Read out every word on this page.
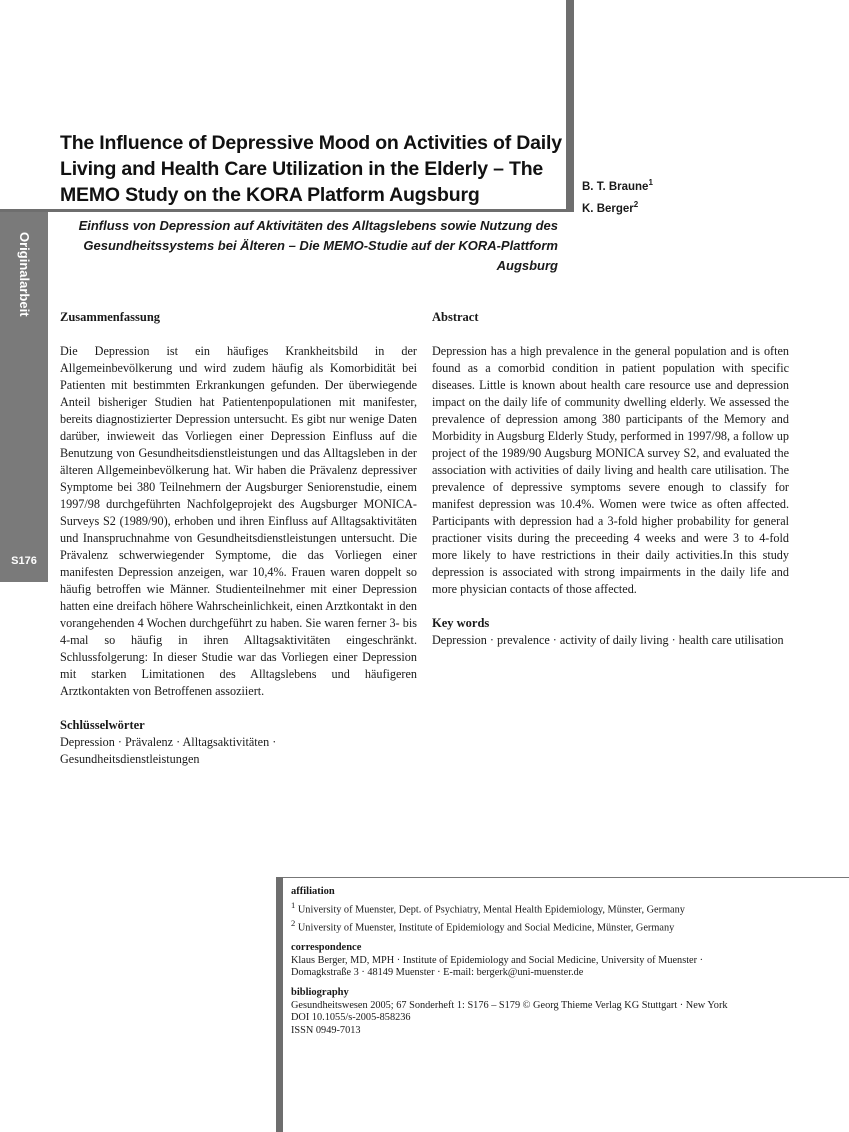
Originalarbeit
S176
The Influence of Depressive Mood on Activities of Daily Living and Health Care Utilization in the Elderly – The MEMO Study on the KORA Platform Augsburg	B. T. Braune$^1$
K. Berger$^2$

Einfluss von Depression auf Aktivitäten des Alltagslebens sowie Nutzung des Gesundheitssystems bei Älteren – Die MEMO-Studie auf der KORA-Plattform Augsburg

Zusammenfassung

Die Depression ist ein häufiges Krankheitsbild in der Allgemeinbevölkerung und wird zudem häufig als Komorbidität bei Patienten mit bestimmten Erkrankungen gefunden. Der überwiegende Anteil bisheriger Studien hat Patientenpopulationen mit manifester, bereits diagnostizierter Depression untersucht. Es gibt nur wenige Daten darüber, inwieweit das Vorliegen einer Depression Einfluss auf die Benutzung von Gesundheitsdienstleistungen und das Alltagsleben in der älteren Allgemeinbevölkerung hat. Wir haben die Prävalenz depressiver Symptome bei 380 Teilnehmern der Augsburger Seniorenstudie, einem 1997/98 durchgeführten Nachfolgeprojekt des Augsburger MONICA-Surveys S2 (1989/90), erhoben und ihren Einfluss auf Alltagsaktivitäten und Inanspruchnahme von Gesundheitsdienstleistungen untersucht. Die Prävalenz schwerwiegender Symptome, die das Vorliegen einer manifesten Depression anzeigen, war 10,4%. Frauen waren doppelt so häufig betroffen wie Männer. Studienteilnehmer mit einer Depression hatten eine dreifach höhere Wahrscheinlichkeit, einen Arztkontakt in den vorangehenden 4 Wochen durchgeführt zu haben. Sie waren ferner 3- bis 4-mal so häufig in ihren Alltagsaktivitäten eingeschränkt. Schlussfolgerung: In dieser Studie war das Vorliegen einer Depression mit starken Limitationen des Alltagslebens und häufigeren Arztkontakten von Betroffenen assoziiert.

Schlüsselwörter

Depression · Prävalenz · Alltagsaktivitäten · Gesundheitsdienstleistungen

Abstract

Depression has a high prevalence in the general population and is often found as a comorbid condition in patient population with specific diseases. Little is known about health care resource use and depression impact on the daily life of community dwelling elderly. We assessed the prevalence of depression among 380 participants of the Memory and Morbidity in Augsburg Elderly Study, performed in 1997/98, a follow up project of the 1989/90 Augsburg MONICA survey S2, and evaluated the association with activities of daily living and health care utilisation. The prevalence of depressive symptoms severe enough to classify for manifest depression was 10.4%. Women were twice as often affected. Participants with depression had a 3-fold higher probability for general practioner visits during the preceeding 4 weeks and were 3 to 4-fold more likely to have restrictions in their daily activities.In this study depression is associated with strong impairments in the daily life and more physician contacts of those affected.

Key words

Depression · prevalence · activity of daily living · health care utilisation

affiliation
$^1$ University of Muenster, Dept. of Psychiatry, Mental Health Epidemiology, Münster, Germany
$^2$ University of Muenster, Institute of Epidemiology and Social Medicine, Münster, Germany
correspondence
Klaus Berger, MD, MPH · Institute of Epidemiology and Social Medicine, University of Muenster ·
Domagkstraße 3 · 48149 Muenster · E-mail: bergerk@uni-muenster.de
bibliography
Gesundheitswesen 2005; 67 Sonderheft 1: S176 – S179 © Georg Thieme Verlag KG Stuttgart · New York
DOI 10.1055/s-2005-858236
ISSN 0949-7013
